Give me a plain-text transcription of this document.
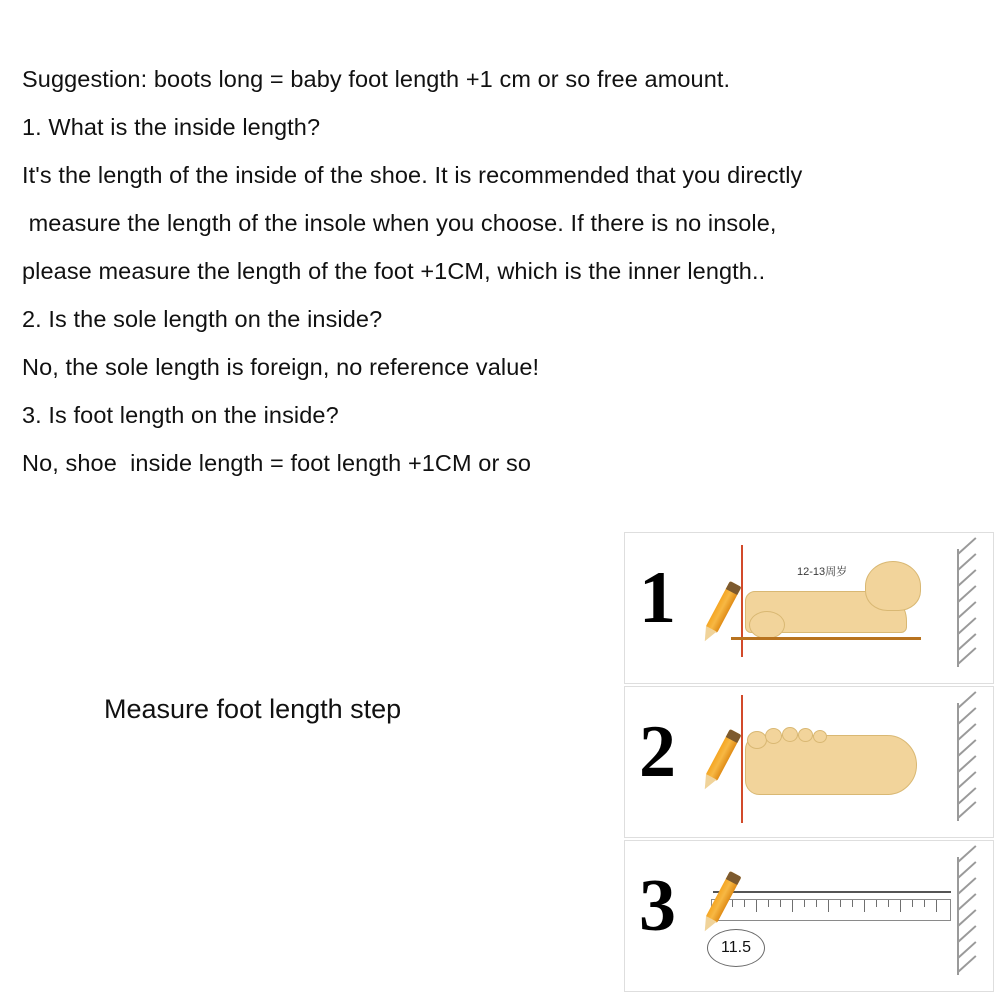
Suggestion: boots long = baby foot length +1 cm or so free amount.
1. What is the inside length?
It's the length of the inside of the shoe. It is recommended that you directly
measure the length of the insole when you choose. If there is no insole,
please measure the length of the foot +1CM, which is the inner length..
2. Is the sole length on the inside?
No, the sole length is foreign, no reference value!
3. Is foot length on the inside?
No, shoe  inside length = foot length +1CM or so
Measure foot length step
1	12-13周岁
2
3
11.5
